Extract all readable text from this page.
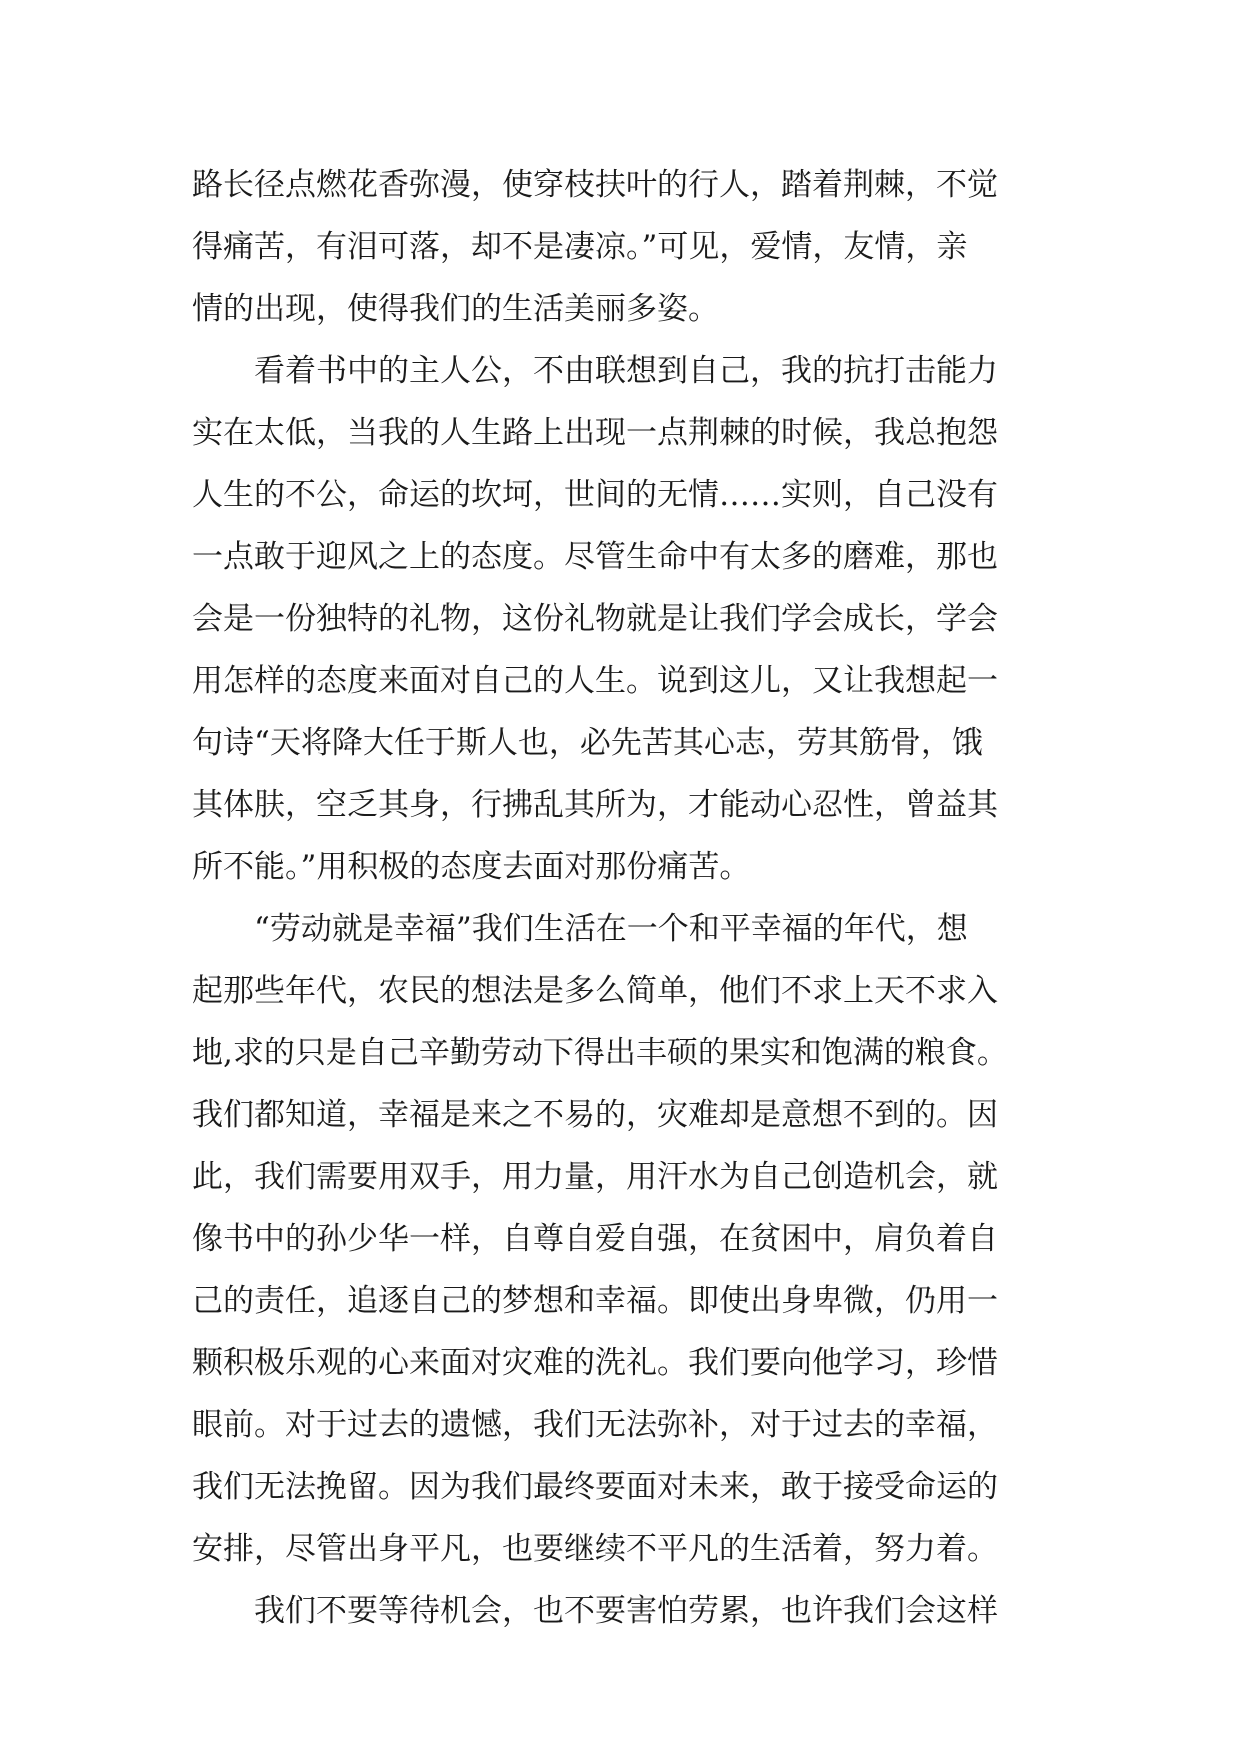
路长径点燃花香弥漫，使穿枝扶叶的行人，踏着荆棘，不觉
得痛苦，有泪可落，却不是凄凉。”可见，爱情，友情，亲
情的出现，使得我们的生活美丽多姿。
　　看着书中的主人公，不由联想到自己，我的抗打击能力
实在太低，当我的人生路上出现一点荆棘的时候，我总抱怨
人生的不公，命运的坎坷，世间的无情……实则，自己没有
一点敢于迎风之上的态度。尽管生命中有太多的磨难，那也
会是一份独特的礼物，这份礼物就是让我们学会成长，学会
用怎样的态度来面对自己的人生。说到这儿，又让我想起一
句诗“天将降大任于斯人也，必先苦其心志，劳其筋骨，饿
其体肤，空乏其身，行拂乱其所为，才能动心忍性，曾益其
所不能。”用积极的态度去面对那份痛苦。
　　“劳动就是幸福”我们生活在一个和平幸福的年代，想
起那些年代，农民的想法是多么简单，他们不求上天不求入
地,求的只是自己辛勤劳动下得出丰硕的果实和饱满的粮食。
我们都知道，幸福是来之不易的，灾难却是意想不到的。因
此，我们需要用双手，用力量，用汗水为自己创造机会，就
像书中的孙少华一样，自尊自爱自强，在贫困中，肩负着自
己的责任，追逐自己的梦想和幸福。即使出身卑微，仍用一
颗积极乐观的心来面对灾难的洗礼。我们要向他学习，珍惜
眼前。对于过去的遗憾，我们无法弥补，对于过去的幸福，
我们无法挽留。因为我们最终要面对未来，敢于接受命运的
安排，尽管出身平凡，也要继续不平凡的生活着，努力着。
　　我们不要等待机会，也不要害怕劳累，也许我们会这样
